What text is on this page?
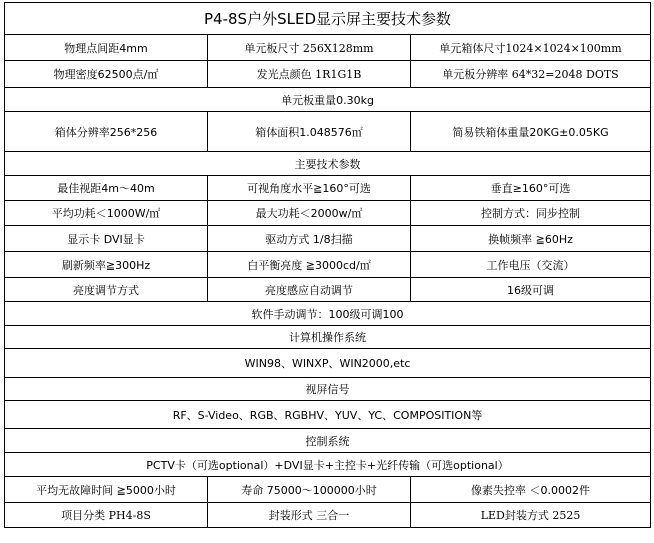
P4-8S户外SLED显示屏主要技术参数		
物理点间距4mm	单元板尺寸 256X128mm	单元箱体尺寸1024×1024×100mm
物理密度62500点/㎡	发光点颜色 1R1G1B	单元板分辨率 64*32=2048 DOTS
单元板重量0.30kg		
箱体分辨率256*256	箱体面积1.048576㎡	简易铁箱体重量20KG±0.05KG
主要技术参数		
最佳视距4m～40m	可视角度水平≧160°可选	垂直≥160°可选
平均功耗＜1000W/㎡	最大功耗＜2000w/㎡	控制方式：同步控制
显示卡 DVI显卡	驱动方式 1/8扫描	换帧频率 ≧60Hz
刷新频率≧300Hz	白平衡亮度 ≧3000cd/㎡	工作电压（交流）
亮度调节方式	亮度感应自动调节	16级可调
软件手动调节：100级可调100		
计算机操作系统		
WIN98、WINXP、WIN2000,etc		
视屏信号		
RF、S-Video、RGB、RGBHV、YUV、YC、COMPOSITION等		
控制系统		
PCTV卡（可选optional）+DVI显卡+主控卡+光纤传输（可选optional）		
平均无故障时间 ≧5000小时	寿命 75000～100000小时	像素失控率 ＜0.0002件
项目分类 PH4-8S	封装形式 三合一	LED封装方式 2525
